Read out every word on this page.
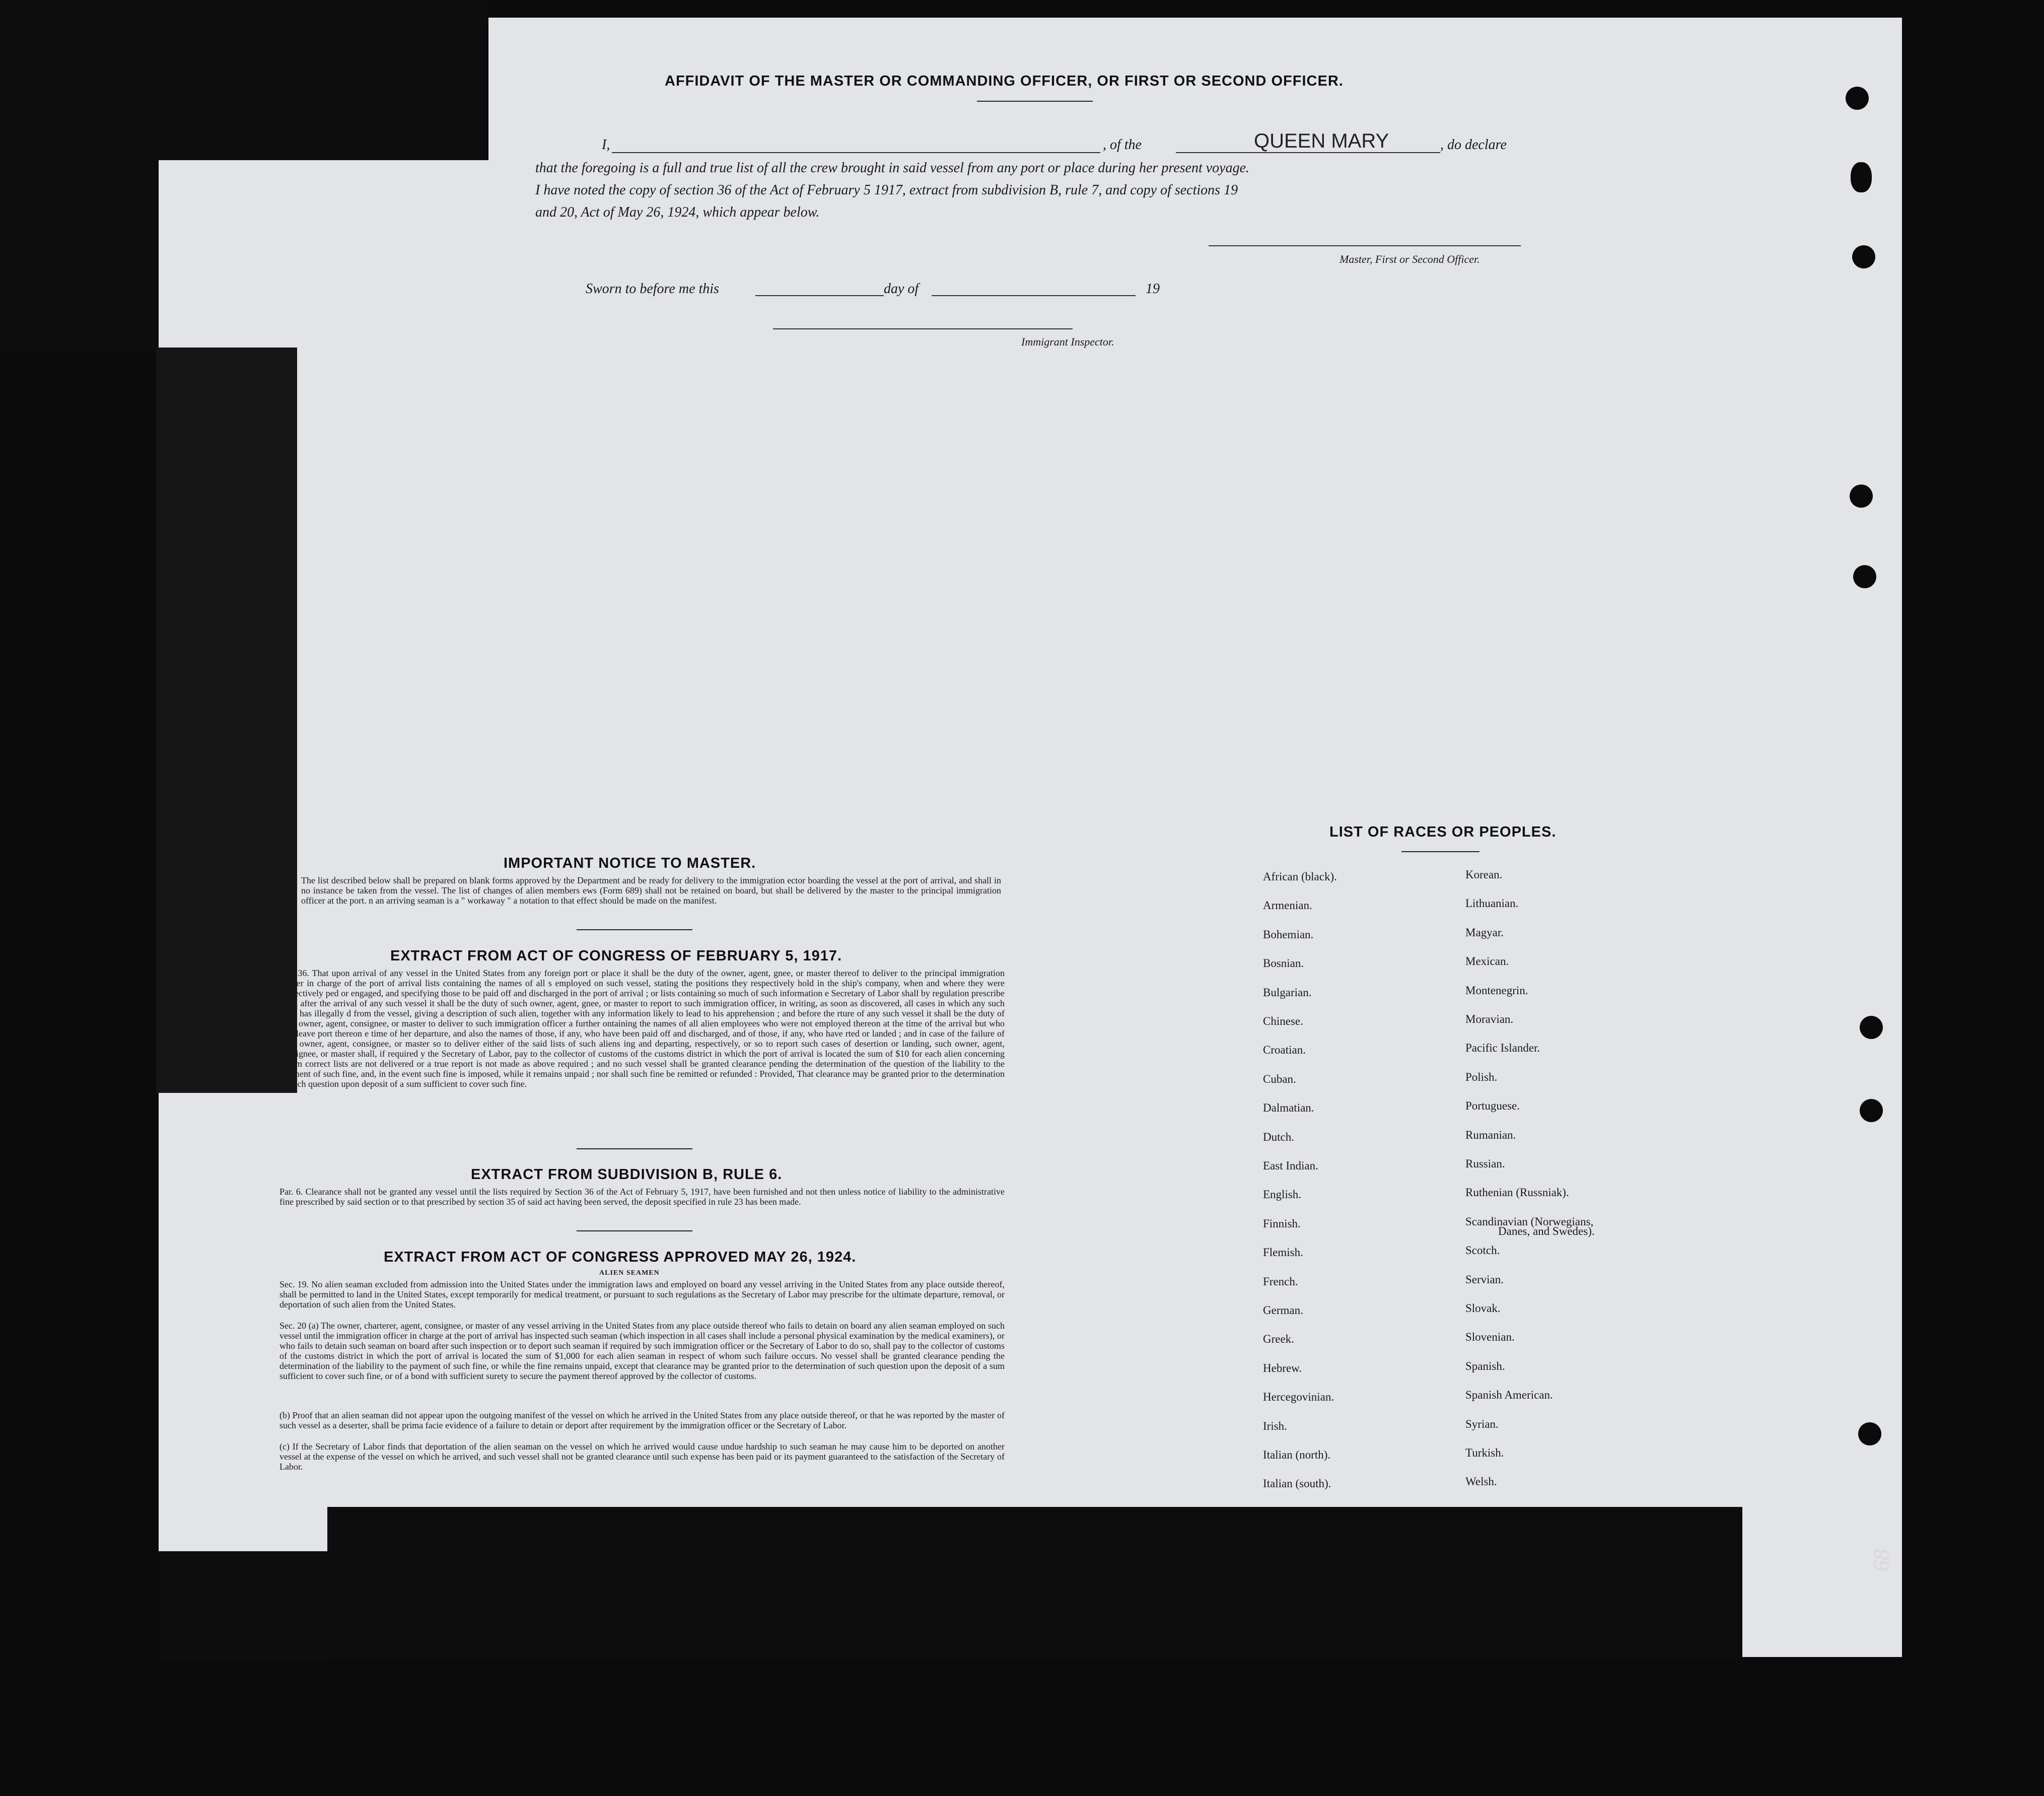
AFFIDAVIT OF THE MASTER OR COMMANDING OFFICER, OR FIRST OR SECOND OFFICER.
I,	, of the	QUEEN MARY	, do declare
that the foregoing is a full and true list of all the crew brought in said vessel from any port or place during her present voyage.
I have noted the copy of section 36 of the Act of February 5 1917, extract from subdivision B, rule 7, and copy of sections 19
and 20, Act of May 26, 1924, which appear below.
Master, First or Second Officer.
Sworn to before me this	day of	19
Immigrant Inspector.
IMPORTANT NOTICE TO MASTER.
The list described below shall be prepared on blank forms approved by the Department and be ready for delivery to the immigration ector boarding the vessel at the port of arrival, and shall in no instance be taken from the vessel. The list of changes of alien members ews (Form 689) shall not be retained on board, but shall be delivered by the master to the principal immigration officer at the port. n an arriving seaman is a " workaway " a notation to that effect should be made on the manifest.
EXTRACT FROM ACT OF CONGRESS OF FEBRUARY 5, 1917.
Sec. 36. That upon arrival of any vessel in the United States from any foreign port or place it shall be the duty of the owner, agent, gnee, or master thereof to deliver to the principal immigration officer in charge of the port of arrival lists containing the names of all s employed on such vessel, stating the positions they respectively hold in the ship's company, when and where they were respectively ped or engaged, and specifying those to be paid off and discharged in the port of arrival ; or lists containing so much of such information e Secretary of Labor shall by regulation prescribe ; and after the arrival of any such vessel it shall be the duty of such owner, agent, gnee, or master to report to such immigration officer, in writing, as soon as discovered, all cases in which any such alien has illegally d from the vessel, giving a description of such alien, together with any information likely to lead to his apprehension ; and before the rture of any such vessel it shall be the duty of such owner, agent, consignee, or master to deliver to such immigration officer a further ontaining the names of all alien employees who were not employed thereon at the time of the arrival but who will leave port thereon e time of her departure, and also the names of those, if any, who have been paid off and discharged, and of those, if any, who have rted or landed ; and in case of the failure of such owner, agent, consignee, or master so to deliver either of the said lists of such aliens ing and departing, respectively, or so to report such cases of desertion or landing, such owner, agent, consignee, or master shall, if required y the Secretary of Labor, pay to the collector of customs of the customs district in which the port of arrival is located the sum of $10 for each alien concerning whom correct lists are not delivered or a true report is not made as above required ; and no such vessel shall be granted clearance pending the determination of the question of the liability to the payment of such fine, and, in the event such fine is imposed, while it remains unpaid ; nor shall such fine be remitted or refunded : Provided, That clearance may be granted prior to the determination of such question upon deposit of a sum sufficient to cover such fine.
EXTRACT FROM SUBDIVISION B, RULE 6.
Par. 6. Clearance shall not be granted any vessel until the lists required by Section 36 of the Act of February 5, 1917, have been furnished and not then unless notice of liability to the administrative fine prescribed by said section or to that prescribed by section 35 of said act having been served, the deposit specified in rule 23 has been made.
EXTRACT FROM ACT OF CONGRESS APPROVED MAY 26, 1924.
ALIEN SEAMEN
Sec. 19. No alien seaman excluded from admission into the United States under the immigration laws and employed on board any vessel arriving in the United States from any place outside thereof, shall be permitted to land in the United States, except temporarily for medical treatment, or pursuant to such regulations as the Secretary of Labor may prescribe for the ultimate departure, removal, or deportation of such alien from the United States.
Sec. 20 (a) The owner, charterer, agent, consignee, or master of any vessel arriving in the United States from any place outside thereof who fails to detain on board any alien seaman employed on such vessel until the immigration officer in charge at the port of arrival has inspected such seaman (which inspection in all cases shall include a personal physical examination by the medical examiners), or who fails to detain such seaman on board after such inspection or to deport such seaman if required by such immigration officer or the Secretary of Labor to do so, shall pay to the collector of customs of the customs district in which the port of arrival is located the sum of $1,000 for each alien seaman in respect of whom such failure occurs. No vessel shall be granted clearance pending the determination of the liability to the payment of such fine, or while the fine remains unpaid, except that clearance may be granted prior to the determination of such question upon the deposit of a sum sufficient to cover such fine, or of a bond with sufficient surety to secure the payment thereof approved by the collector of customs.
(b) Proof that an alien seaman did not appear upon the outgoing manifest of the vessel on which he arrived in the United States from any place outside thereof, or that he was reported by the master of such vessel as a deserter, shall be prima facie evidence of a failure to detain or deport after requirement by the immigration officer or the Secretary of Labor.
(c) If the Secretary of Labor finds that deportation of the alien seaman on the vessel on which he arrived would cause undue hardship to such seaman he may cause him to be deported on another vessel at the expense of the vessel on which he arrived, and such vessel shall not be granted clearance until such expense has been paid or its payment guaranteed to the satisfaction of the Secretary of Labor.
LIST OF RACES OR PEOPLES.
African (black).
Armenian.
Bohemian.
Bosnian.
Bulgarian.
Chinese.
Croatian.
Cuban.
Dalmatian.
Dutch.
East Indian.
English.
Finnish.
Flemish.
French.
German.
Greek.
Hebrew.
Hercegovinian.
Irish.
Italian (north).
Italian (south).
Korean.
Lithuanian.
Magyar.
Mexican.
Montenegrin.
Moravian.
Pacific Islander.
Polish.
Portuguese.
Rumanian.
Russian.
Ruthenian (Russniak).
Scandinavian (Norwegians,
Scotch.
Servian.
Slovak.
Slovenian.
Spanish.
Spanish American.
Syrian.
Turkish.
Welsh.
Danes, and Swedes).
68
